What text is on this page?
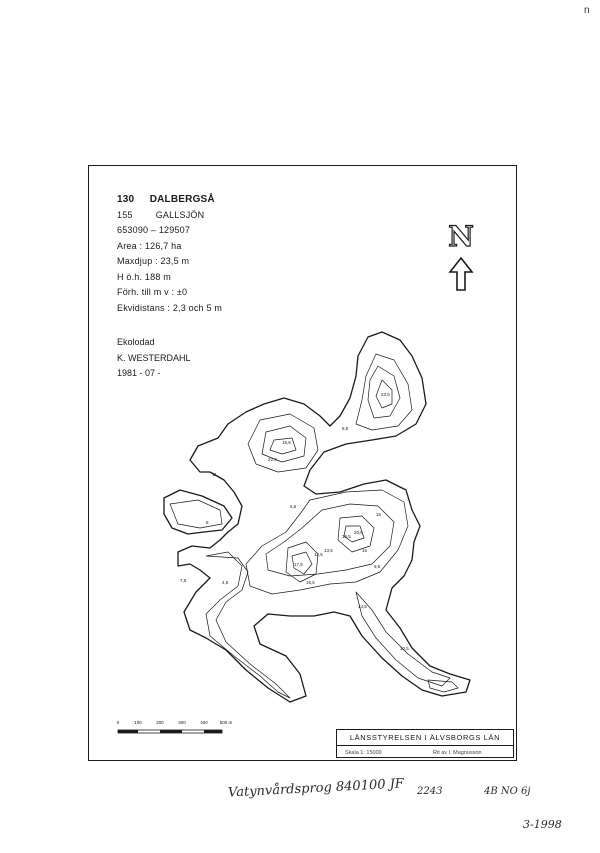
n
130 DALBERGSÅ
155	GALLSJÖN
653090 – 129507
Area : 126,7 ha
Maxdjup : 23,5 m
H ö.h. 188 m
Förh. till m v : ±0
Ekvidistans : 2,3 och 5 m
Ekolodad
K. WESTERDAHL
1981 - 07 -
N
23,5
22,4
18,5
16,5
17,5
13,5
20,5
14,5
8
11
16
19,5
15
8,5
12,5
10,5
9,5
6,5
4,5
7,5
0	100	200	300	400	500 m
LÄNSSTYRELSEN I ÄLVSBORGS LÄN
Skala 1: 15000	Rit av I. Magnusson
Vatynvårdsprog 840100 JF 2243	4B NO 6j
3-1998
